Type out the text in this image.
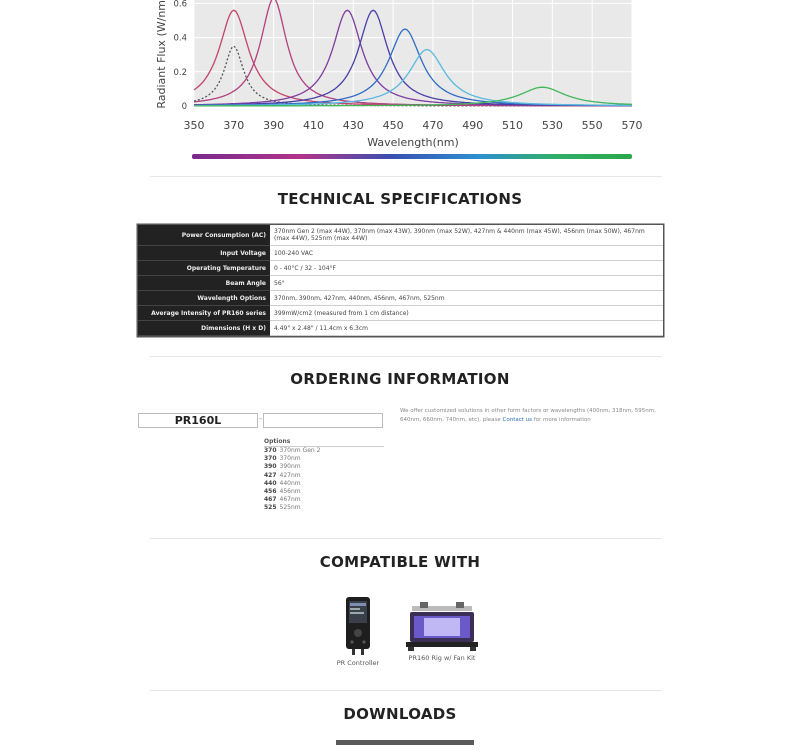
350 370 390 410 430 450 470 490 510 530 550 570
0
0.2
0.4
0.6
Wavelength(nm)
Radiant Flux (W/nm
TECHNICAL SPECIFICATIONS
Power Consumption (AC)	370nm Gen 2 (max 44W), 370nm (max 43W), 390nm (max 52W), 427nm & 440nm (max 45W), 456nm (max 50W), 467nm (max 44W), 525nm (max 44W)
Input Voltage	100-240 VAC
Operating Temperature	0 - 40°C / 32 - 104°F
Beam Angle	56°
Wavelength Options	370nm, 390nm, 427nm, 440nm, 456nm, 467nm, 525nm
Average Intensity of PR160 series	399mW/cm2 (measured from 1 cm distance)
Dimensions (H x D)	4.49" x 2.48" / 11.4cm x 6.3cm
ORDERING INFORMATION
PR160L	-
Options
370 370nm Gen 2
370 370nm
390 390nm
427 427nm
440 440nm
456 456nm
467 467nm
525 525nm
We offer customized solutions in other form factors or wavelengths (400nm, 318nm, 595nm, 640nm, 660nm, 740nm, etc), please Contact us for more information
COMPATIBLE WITH
PR Controller
PR160 Rig w/ Fan Kit
DOWNLOADS
